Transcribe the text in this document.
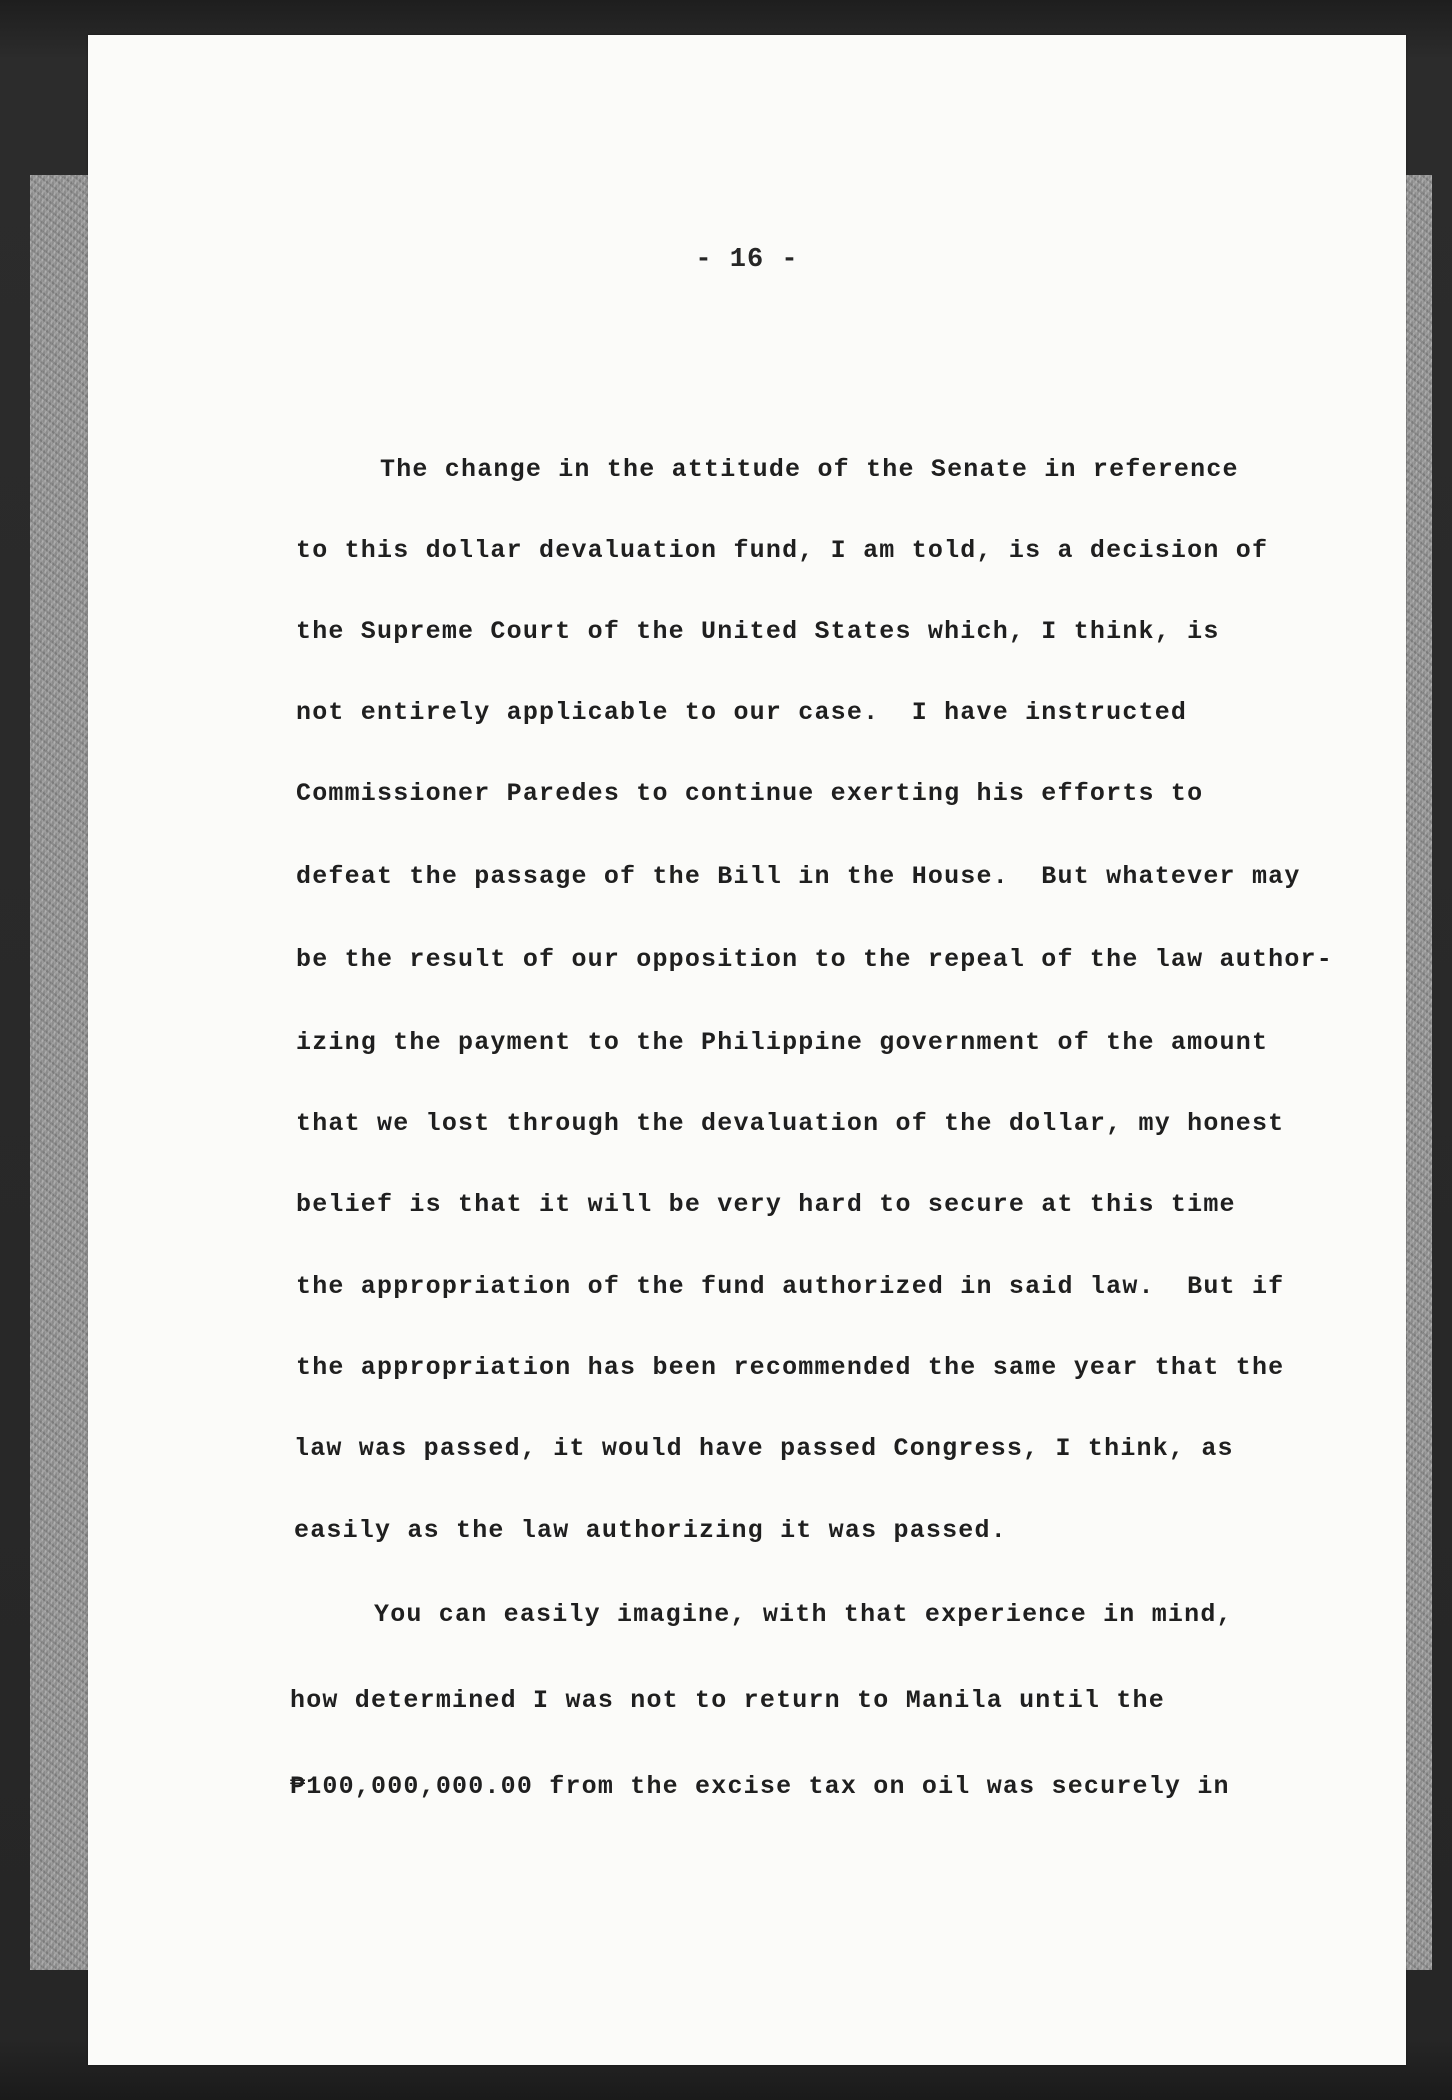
- 16 -
The change in the attitude of the Senate in reference
to this dollar devaluation fund, I am told, is a decision of
the Supreme Court of the United States which, I think, is
not entirely applicable to our case.  I have instructed
Commissioner Paredes to continue exerting his efforts to
defeat the passage of the Bill in the House.  But whatever may
be the result of our opposition to the repeal of the law author-
izing the payment to the Philippine government of the amount
that we lost through the devaluation of the dollar, my honest
belief is that it will be very hard to secure at this time
the appropriation of the fund authorized in said law.  But if
the appropriation has been recommended the same year that the
law was passed, it would have passed Congress, I think, as
easily as the law authorizing it was passed.
You can easily imagine, with that experience in mind,
how determined I was not to return to Manila until the
₱100,000,000.00 from the excise tax on oil was securely in
